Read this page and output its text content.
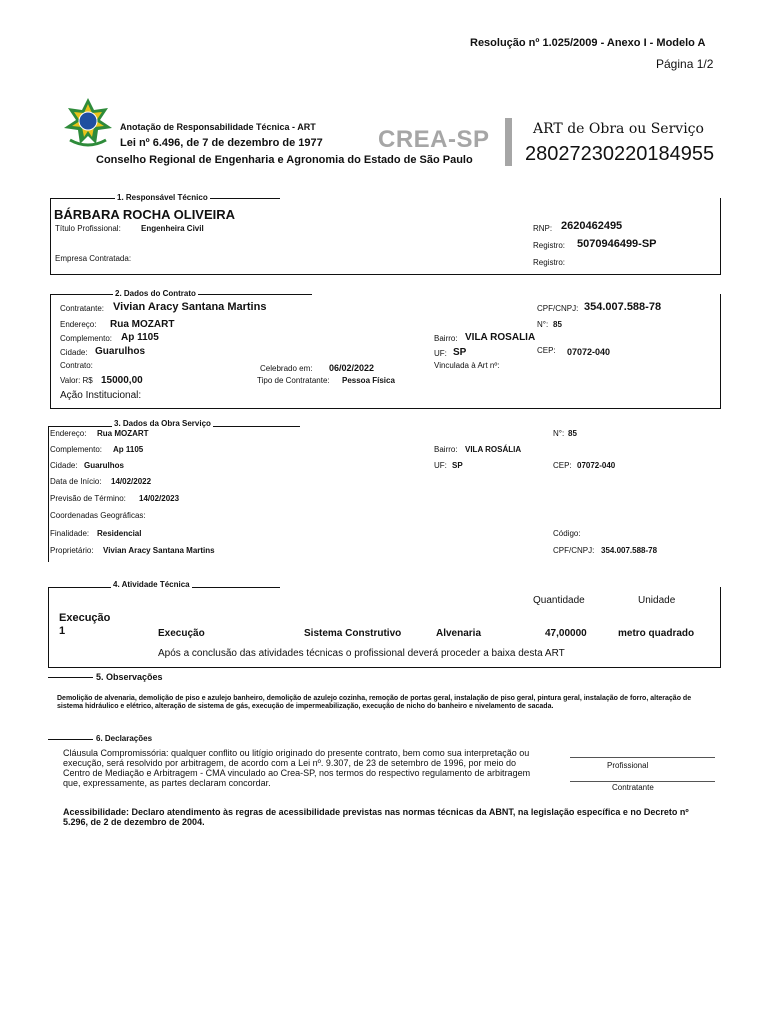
Resolução nº 1.025/2009 - Anexo I - Modelo A
Página 1/2
Anotação de Responsabilidade Técnica - ART
Lei nº 6.496, de 7 de dezembro de 1977
Conselho Regional de Engenharia e Agronomia do Estado de São Paulo
CREA-SP	ART de Obra ou Serviço
28027230220184955
1. Responsável Técnico
BÁRBARA ROCHA OLIVEIRA
Título Profissional:	Engenheira Civil
Empresa Contratada:
RNP: 2620462495
Registro: 5070946499-SP
Registro:
2. Dados do Contrato
Contratante: Vivian Aracy Santana Martins	CPF/CNPJ: 354.007.588-78
Endereço: Rua MOZART	N°: 85
Complemento: Ap 1105	Bairro: VILA ROSALIA
Cidade: Guarulhos	UF: SP	CEP: 07072-040
Contrato:	Celebrado em: 06/02/2022	Vinculada à Art nº:
Valor: R$ 15000,00	Tipo de Contratante: Pessoa Física
Ação Institucional:
3. Dados da Obra Serviço
Endereço: Rua MOZART	N°: 85
Complemento: Ap 1105	Bairro: VILA ROSÁLIA
Cidade: Guarulhos	UF: SP	CEP: 07072-040
Data de Início: 14/02/2022
Previsão de Término: 14/02/2023
Coordenadas Geográficas:
Finalidade: Residencial	Código:
Proprietário: Vivian Aracy Santana Martins	CPF/CNPJ: 354.007.588-78
4. Atividade Técnica
Quantidade	Unidade
Execução
1	Execução	Sistema Construtivo	Alvenaria	47,00000	metro quadrado
Após a conclusão das atividades técnicas o profissional deverá proceder a baixa desta ART
5. Observações
Demolição de alvenaria, demolição de piso e azulejo banheiro, demolição de azulejo cozinha, remoção de portas geral, instalação de piso geral, pintura geral, instalação de forro, alteração de sistema hidráulico e elétrico, alteração de sistema de gás, execução de impermeabilização, execução de nicho do banheiro e nivelamento de sacada.
6. Declarações
Cláusula Compromissória: qualquer conflito ou litígio originado do presente contrato, bem como sua interpretação ou execução, será resolvido por arbitragem, de acordo com a Lei nº. 9.307, de 23 de setembro de 1996, por meio do Centro de Mediação e Arbitragem - CMA vinculado ao Crea-SP, nos termos do respectivo regulamento de arbitragem que, expressamente, as partes declaram concordar.
Profissional
Contratante
Acessibilidade: Declaro atendimento às regras de acessibilidade previstas nas normas técnicas da ABNT, na legislação específica e no Decreto nº 5.296, de 2 de dezembro de 2004.
